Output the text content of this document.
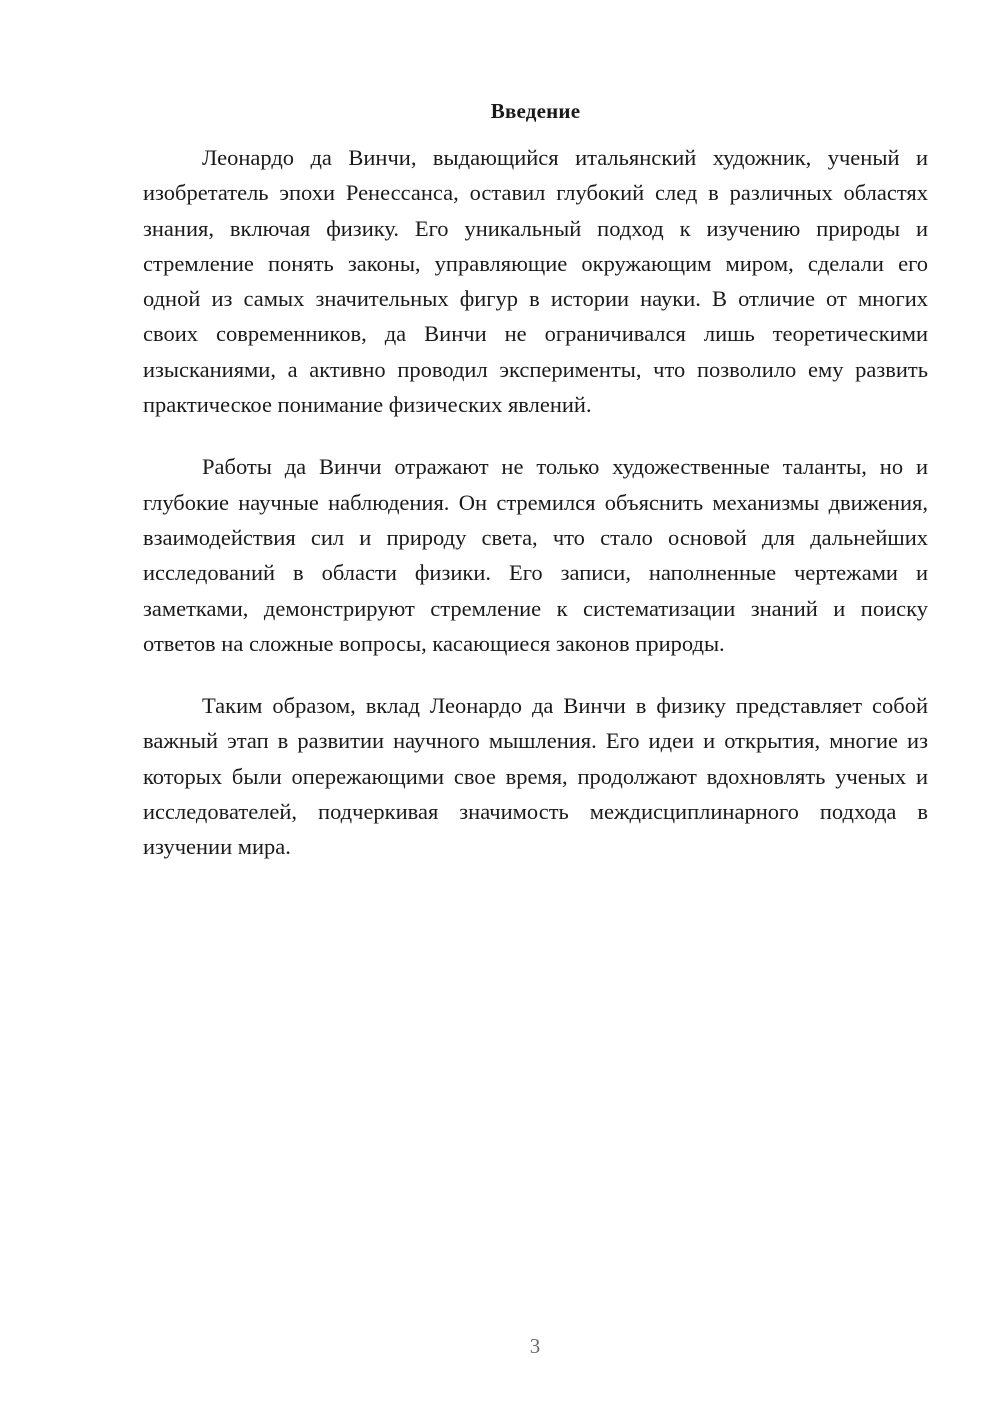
Введение

Леонардо да Винчи, выдающийся итальянский художник, ученый и изобретатель эпохи Ренессанса, оставил глубокий след в различных областях знания, включая физику. Его уникальный подход к изучению природы и стремление понять законы, управляющие окружающим миром, сделали его одной из самых значительных фигур в истории науки. В отличие от многих своих современников, да Винчи не ограничивался лишь теоретическими изысканиями, а активно проводил эксперименты, что позволило ему развить практическое понимание физических явлений.

Работы да Винчи отражают не только художественные таланты, но и глубокие научные наблюдения. Он стремился объяснить механизмы движения, взаимодействия сил и природу света, что стало основой для дальнейших исследований в области физики. Его записи, наполненные чертежами и заметками, демонстрируют стремление к систематизации знаний и поиску ответов на сложные вопросы, касающиеся законов природы.

Таким образом, вклад Леонардо да Винчи в физику представляет собой важный этап в развитии научного мышления. Его идеи и открытия, многие из которых были опережающими свое время, продолжают вдохновлять ученых и исследователей, подчеркивая значимость междисциплинарного подхода в изучении мира.

3
